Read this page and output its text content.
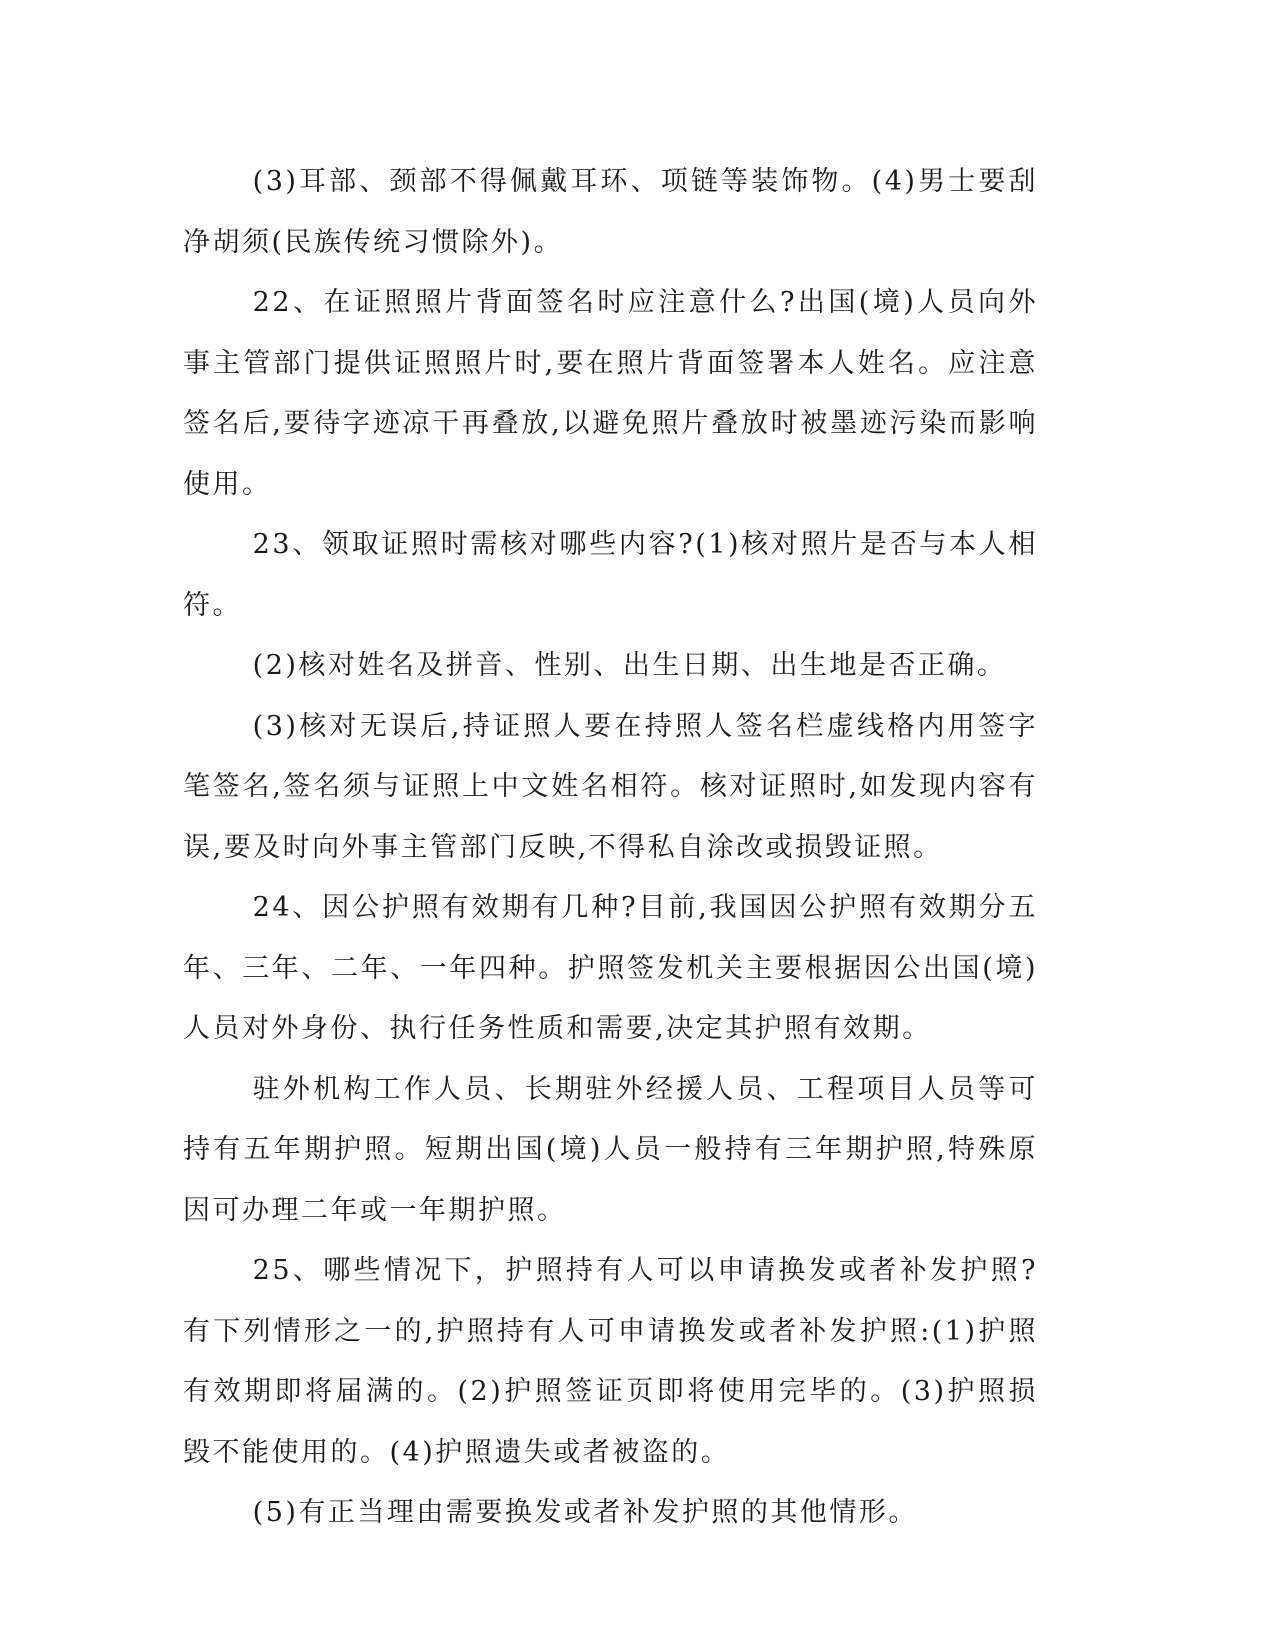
(3)耳部、颈部不得佩戴耳环、项链等装饰物。(4)男士要刮净胡须(民族传统习惯除外)。

22、在证照照片背面签名时应注意什么?出国(境)人员向外事主管部门提供证照照片时,要在照片背面签署本人姓名。应注意签名后,要待字迹凉干再叠放,以避免照片叠放时被墨迹污染而影响使用。

23、领取证照时需核对哪些内容?(1)核对照片是否与本人相符。

(2)核对姓名及拼音、性别、出生日期、出生地是否正确。

(3)核对无误后,持证照人要在持照人签名栏虚线格内用签字笔签名,签名须与证照上中文姓名相符。核对证照时,如发现内容有误,要及时向外事主管部门反映,不得私自涂改或损毁证照。

24、因公护照有效期有几种?目前,我国因公护照有效期分五年、三年、二年、一年四种。护照签发机关主要根据因公出国(境)人员对外身份、执行任务性质和需要,决定其护照有效期。

驻外机构工作人员、长期驻外经援人员、工程项目人员等可持有五年期护照。短期出国(境)人员一般持有三年期护照,特殊原因可办理二年或一年期护照。

25、哪些情况下，护照持有人可以申请换发或者补发护照?有下列情形之一的,护照持有人可申请换发或者补发护照:(1)护照有效期即将届满的。(2)护照签证页即将使用完毕的。(3)护照损毁不能使用的。(4)护照遗失或者被盗的。

(5)有正当理由需要换发或者补发护照的其他情形。
